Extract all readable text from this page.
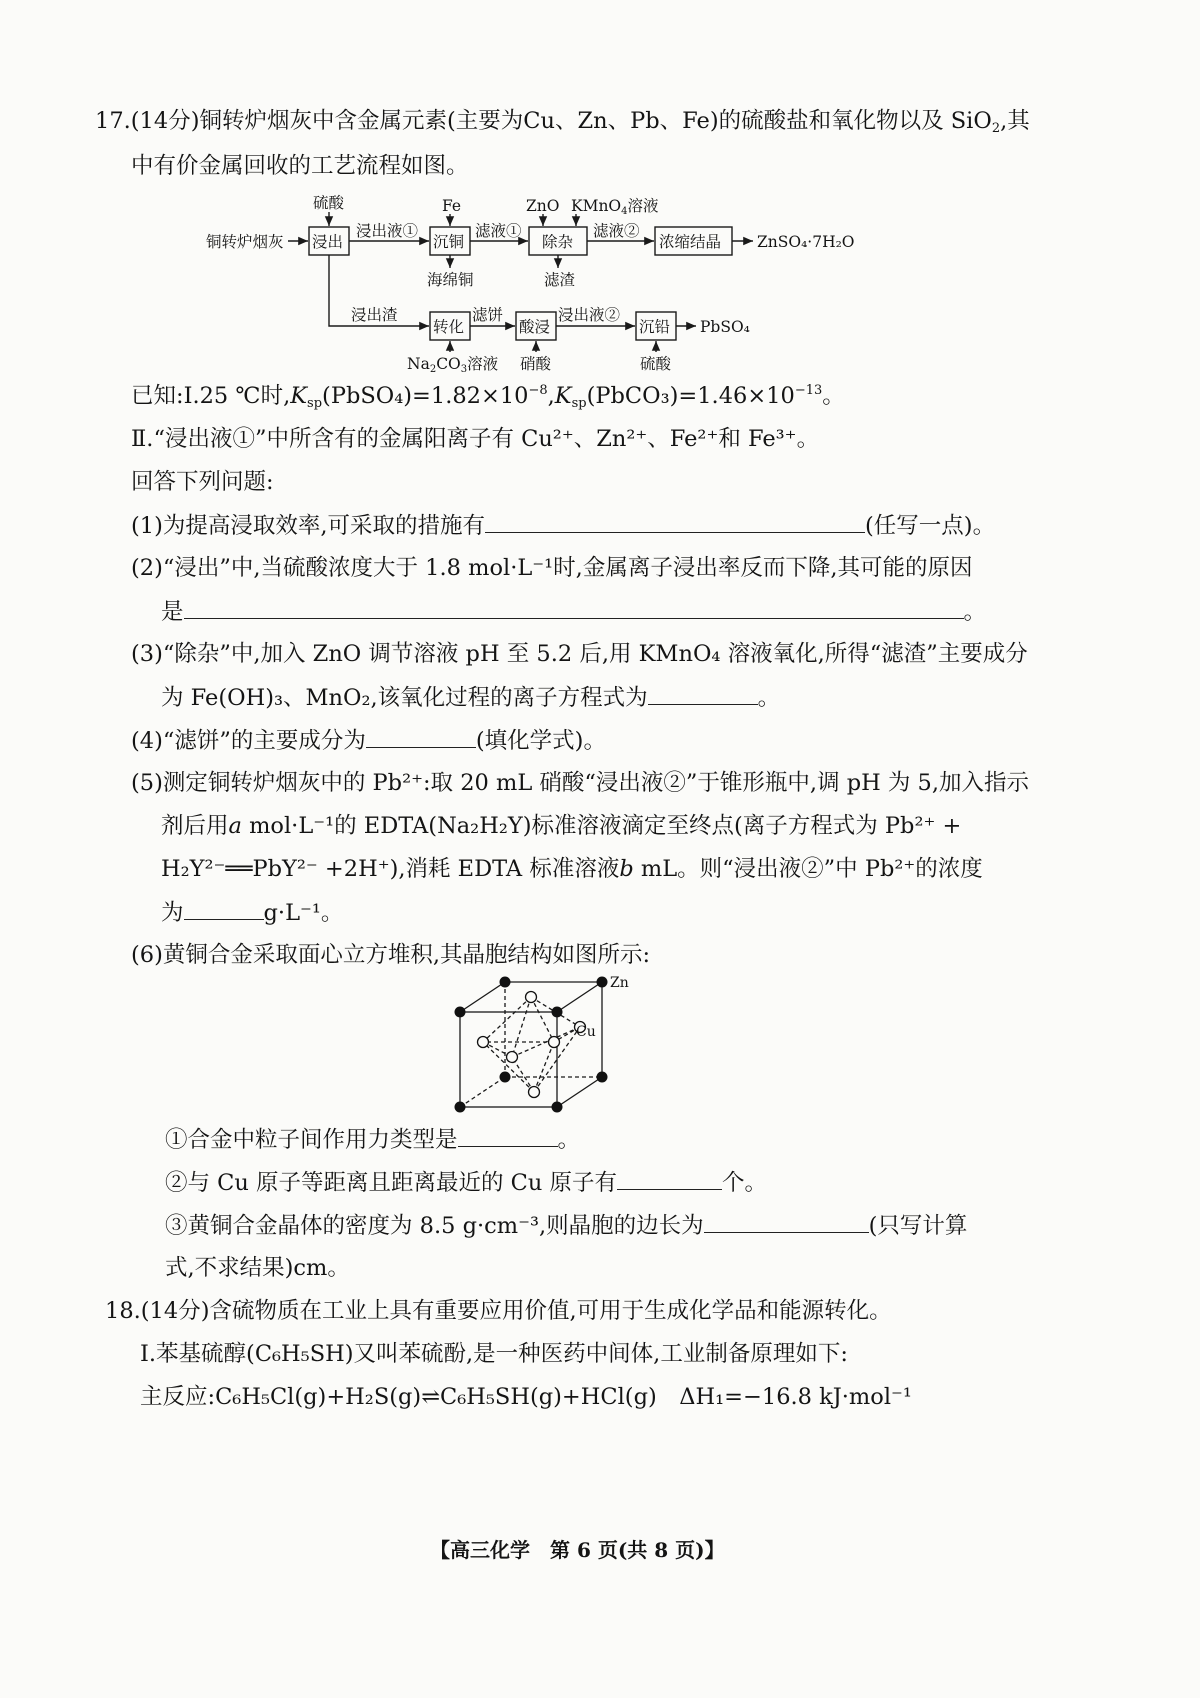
17.(14分)铜转炉烟灰中含金属元素(主要为Cu、Zn、Pb、Fe)的硫酸盐和氧化物以及 SiO$_2$,其
中有价金属回收的工艺流程如图。
铜转炉烟灰 浸出
硫酸
浸出液①
Fe
沉铜
海绵铜
滤液①
ZnO KMnO4溶液
除杂
滤渣
滤液②
浓缩结晶 ZnSO₄·7H₂O
浸出渣
转化
滤饼
酸浸
浸出液②
沉铅 PbSO₄
Na2CO3溶液 硝酸	硫酸
已知:Ⅰ.25 ℃时$,K_{sp}(PbSO_4)=1.82\times 10^{-8},K_{sp}(PbCO_3)=1.46\times 10^{-13}$。
Ⅱ.“浸出液①”中所含有的金属阳离子有 Cu²⁺、Zn²⁺、Fe²⁺和 Fe³⁺。
回答下列问题:
(1)为提高浸取效率,可采取的措施有	(任写一点)。
(2)“浸出”中,当硫酸浓度大于 1.8 mol·L⁻¹时,金属离子浸出率反而下降,其可能的原因
是	。
(3)“除杂”中,加入 ZnO 调节溶液 pH 至 5.2 后,用 KMnO₄ 溶液氧化,所得“滤渣”主要成分
为 Fe(OH)₃、MnO₂,该氧化过程的离子方程式为	。
(4)“滤饼”的主要成分为	(填化学式)。
(5)测定铜转炉烟灰中的 Pb²⁺:取 20 mL 硝酸“浸出液②”于锥形瓶中,调 pH 为 5,加入指示
剂后用a mol·L⁻¹的 EDTA(Na₂H₂Y)标准溶液滴定至终点(离子方程式为 Pb²⁺ +
H₂Y²⁻══PbY²⁻ +2H⁺),消耗 EDTA 标准溶液b mL。则“浸出液②”中 Pb²⁺的浓度
为	g·L⁻¹。
(6)黄铜合金采取面心立方堆积,其晶胞结构如图所示:
Zn
Cu
①合金中粒子间作用力类型是	。
②与 Cu 原子等距离且距离最近的 Cu 原子有	个。
③黄铜合金晶体的密度为 8.5 g·cm⁻³,则晶胞的边长为	(只写计算
式,不求结果)cm。
18.(14分)含硫物质在工业上具有重要应用价值,可用于生成化学品和能源转化。
Ⅰ.苯基硫醇(C₆H₅SH)又叫苯硫酚,是一种医药中间体,工业制备原理如下:
主反应:C₆H₅Cl(g)+H₂S(g)⇌C₆H₅SH(g)+HCl(g)　 ΔH₁=−16.8 kJ·mol⁻¹
【高三化学　第 6 页(共 8 页)】
